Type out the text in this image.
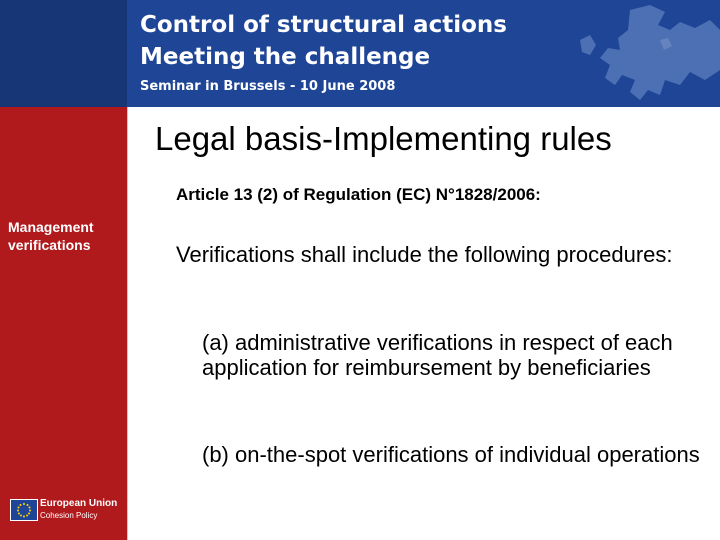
Control of structural actions
Meeting the challenge
Seminar in Brussels - 10 June 2008
Management verifications
Legal basis-Implementing rules
Article 13 (2) of Regulation (EC) N°1828/2006:
Verifications shall include the following procedures:
(a) administrative verifications in respect of each application for reimbursement by beneficiaries
(b) on-the-spot verifications of individual operations
European Union
Cohesion Policy
